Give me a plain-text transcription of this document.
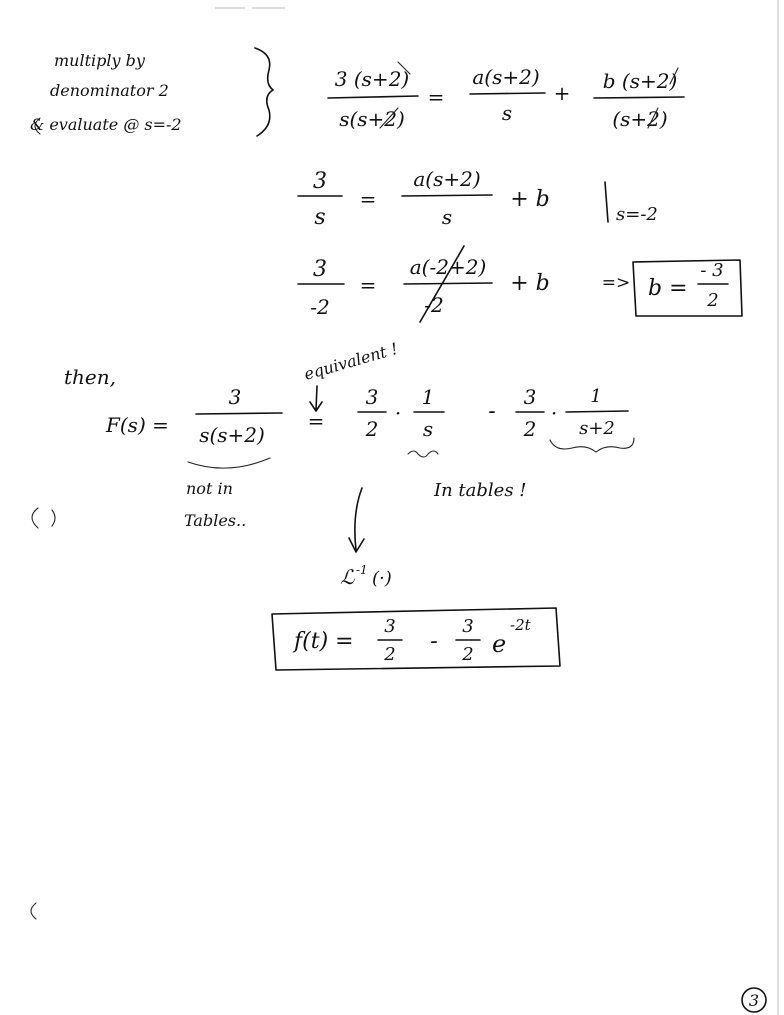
multiply by
denominator 2
& evaluate @ s=-2
3 (s+2)
s(s+2)
=
a(s+2)
s
+ b (s+2)
(s+2)
3
s
=
a(s+2)
s
+ b
s=-2
3
-2
=
a(-2+2)
-2
+ b	=> b =
- 3
2
then,	equivalent !
F(s) =
3
s(s+2)
=
3
2
·
1
s
-
3
2
·
1
s+2
not in
Tables..
In tables !
ℒ -1 (·)
f(t) =
3
2
-
3
2 e
-2t
3
